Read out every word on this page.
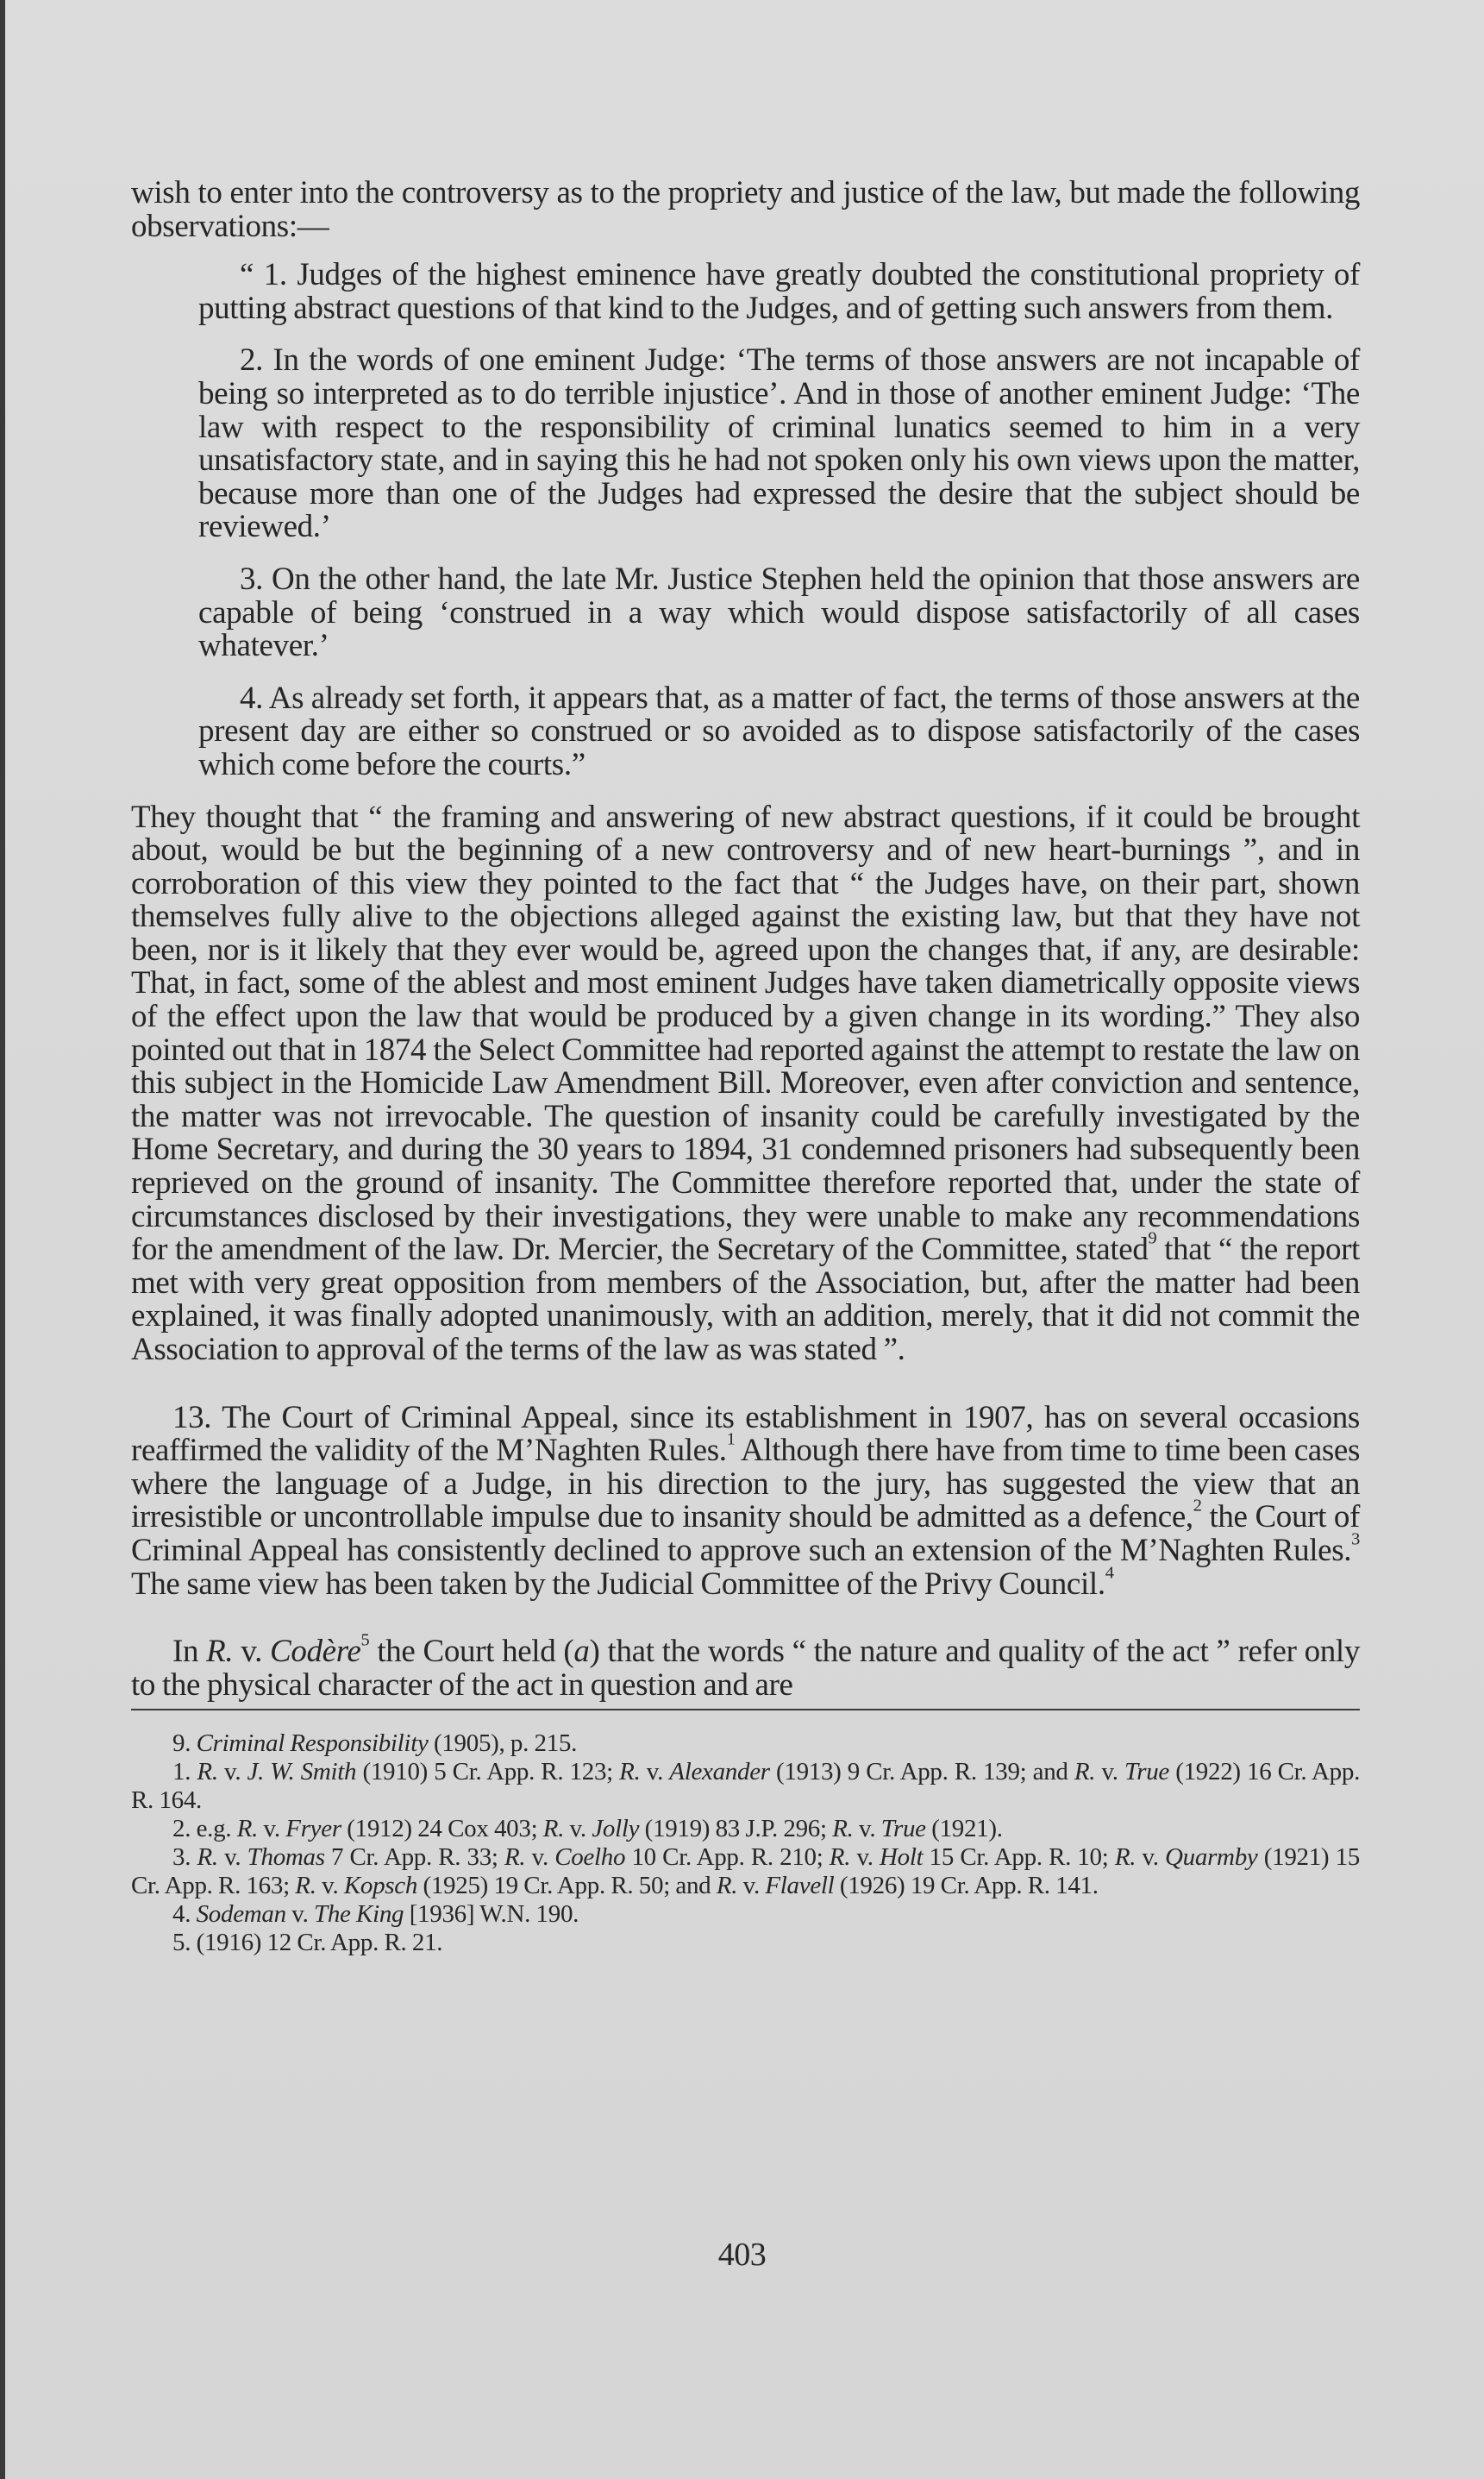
wish to enter into the controversy as to the propriety and justice of the law, but made the following observations:—

“ 1. Judges of the highest eminence have greatly doubted the constitutional propriety of putting abstract questions of that kind to the Judges, and of getting such answers from them.

2. In the words of one eminent Judge: ‘The terms of those answers are not incapable of being so interpreted as to do terrible injustice’. And in those of another eminent Judge: ‘The law with respect to the responsibility of criminal lunatics seemed to him in a very unsatisfactory state, and in saying this he had not spoken only his own views upon the matter, because more than one of the Judges had expressed the desire that the subject should be reviewed.’

3. On the other hand, the late Mr. Justice Stephen held the opinion that those answers are capable of being ‘construed in a way which would dispose satisfactorily of all cases whatever.’

4. As already set forth, it appears that, as a matter of fact, the terms of those answers at the present day are either so construed or so avoided as to dispose satisfactorily of the cases which come before the courts.”

They thought that “ the framing and answering of new abstract questions, if it could be brought about, would be but the beginning of a new controversy and of new heart-burnings ”, and in corroboration of this view they pointed to the fact that “ the Judges have, on their part, shown themselves fully alive to the objections alleged against the existing law, but that they have not been, nor is it likely that they ever would be, agreed upon the changes that, if any, are desirable: That, in fact, some of the ablest and most eminent Judges have taken diametrically opposite views of the effect upon the law that would be produced by a given change in its wording.” They also pointed out that in 1874 the Select Committee had reported against the attempt to restate the law on this subject in the Homicide Law Amendment Bill. Moreover, even after conviction and sentence, the matter was not irrevocable. The question of insanity could be carefully investigated by the Home Secretary, and during the 30 years to 1894, 31 condemned prisoners had subsequently been reprieved on the ground of insanity. The Committee therefore reported that, under the state of circumstances disclosed by their investigations, they were unable to make any recommendations for the amendment of the law. Dr. Mercier, the Secretary of the Committee, stated$^9$ that “ the report met with very great opposition from members of the Association, but, after the matter had been explained, it was finally adopted unanimously, with an addition, merely, that it did not commit the Association to approval of the terms of the law as was stated ”.

13. The Court of Criminal Appeal, since its establishment in 1907, has on several occasions reaffirmed the validity of the M’Naghten Rules.$^1$ Although there have from time to time been cases where the language of a Judge, in his direction to the jury, has suggested the view that an irresistible or uncontrollable impulse due to insanity should be admitted as a defence,$^2$ the Court of Criminal Appeal has consistently declined to approve such an extension of the M’Naghten Rules.$^3$ The same view has been taken by the Judicial Committee of the Privy Council.$^4$

In R. v. Codère$^5$ the Court held (a) that the words “ the nature and quality of the act ” refer only to the physical character of the act in question and are

9. Criminal Responsibility (1905), p. 215.

1. R. v. J. W. Smith (1910) 5 Cr. App. R. 123; R. v. Alexander (1913) 9 Cr. App. R. 139; and R. v. True (1922) 16 Cr. App. R. 164.

2. e.g. R. v. Fryer (1912) 24 Cox 403; R. v. Jolly (1919) 83 J.P. 296; R. v. True (1921).

3. R. v. Thomas 7 Cr. App. R. 33; R. v. Coelho 10 Cr. App. R. 210; R. v. Holt 15 Cr. App. R. 10; R. v. Quarmby (1921) 15 Cr. App. R. 163; R. v. Kopsch (1925) 19 Cr. App. R. 50; and R. v. Flavell (1926) 19 Cr. App. R. 141.

4. Sodeman v. The King [1936] W.N. 190.

5. (1916) 12 Cr. App. R. 21.

403
